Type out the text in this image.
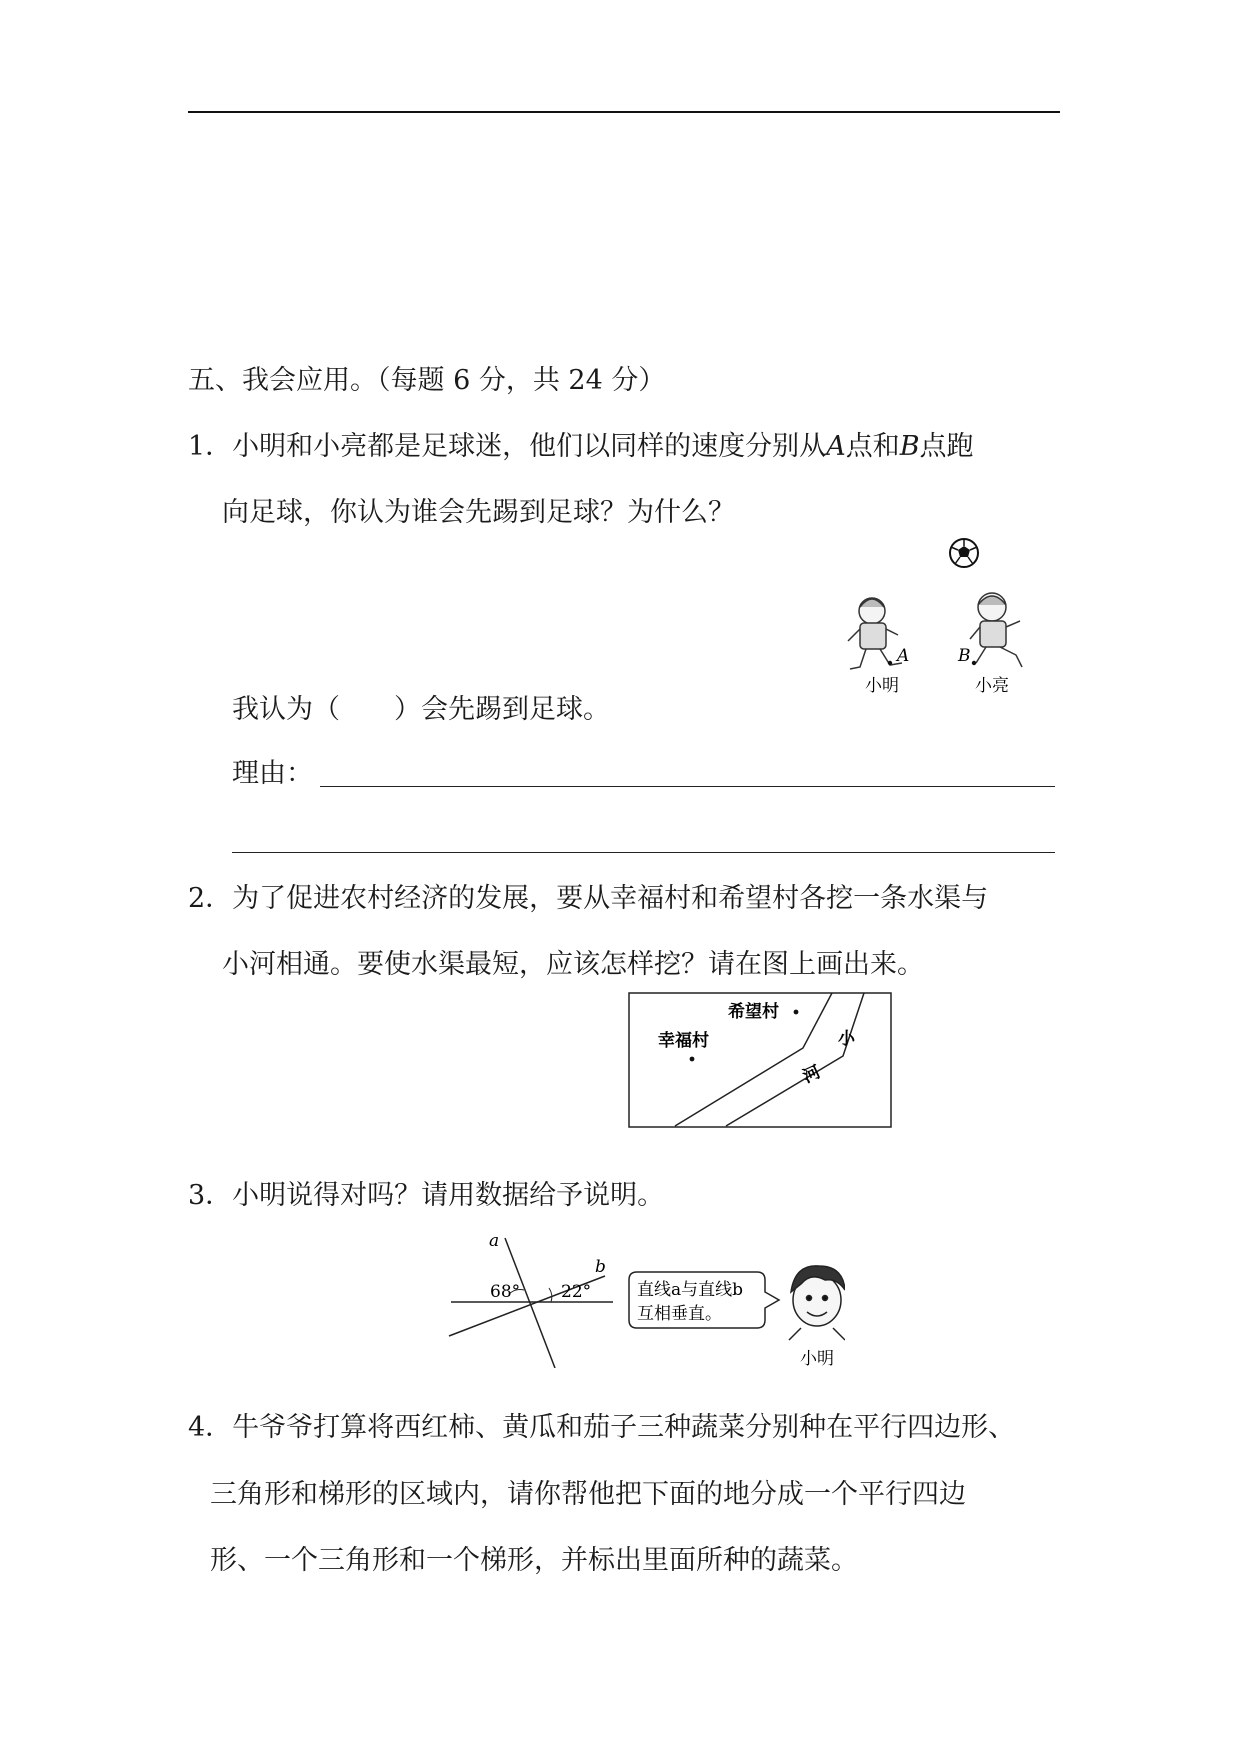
五、我会应用。（每题 6 分，共 24 分）
1．小明和小亮都是足球迷，他们以同样的速度分别从A点和B点跑
向足球，你认为谁会先踢到足球？为什么？
A	B
小明	小亮
我认为（　　）会先踢到足球。
理由：
2．为了促进农村经济的发展，要从幸福村和希望村各挖一条水渠与
小河相通。要使水渠最短，应该怎样挖？请在图上画出来。
希望村
幸福村	小
河
3．小明说得对吗？请用数据给予说明。
a
b
68° 22°	直线a与直线b
互相垂直。
小明
4．牛爷爷打算将西红柿、黄瓜和茄子三种蔬菜分别种在平行四边形、
三角形和梯形的区域内，请你帮他把下面的地分成一个平行四边
形、一个三角形和一个梯形，并标出里面所种的蔬菜。
